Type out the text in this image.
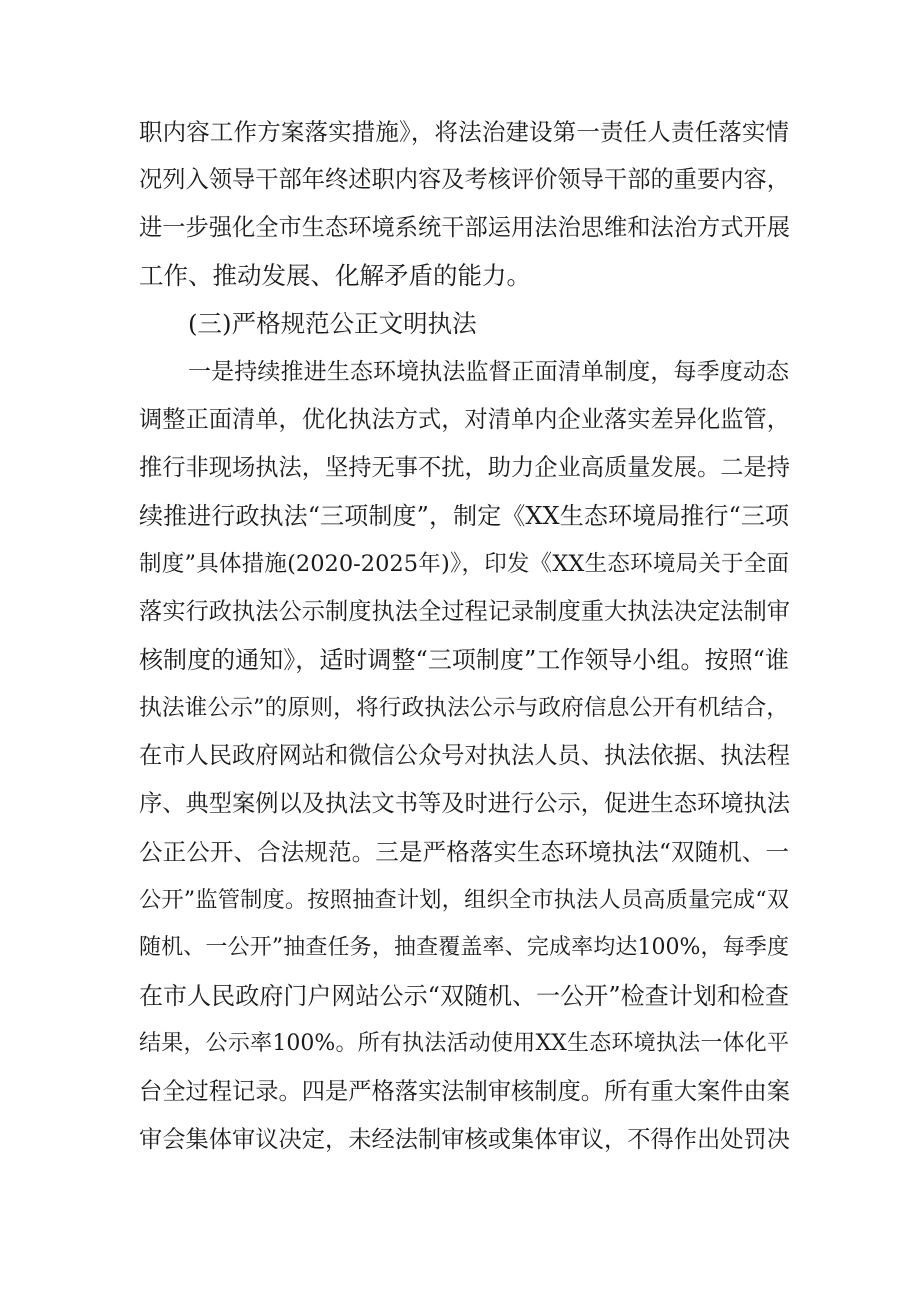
职内容工作方案落实措施》，将法治建设第一责任人责任落实情
况列入领导干部年终述职内容及考核评价领导干部的重要内容，
进一步强化全市生态环境系统干部运用法治思维和法治方式开展
工作、推动发展、化解矛盾的能力。
(三)严格规范公正文明执法
一是持续推进生态环境执法监督正面清单制度，每季度动态
调整正面清单，优化执法方式，对清单内企业落实差异化监管，
推行非现场执法，坚持无事不扰，助力企业高质量发展。二是持
续推进行政执法“三项制度”，制定《XX生态环境局推行“三项
制度”具体措施(2020-2025年)》，印发《XX生态环境局关于全面
落实行政执法公示制度执法全过程记录制度重大执法决定法制审
核制度的通知》，适时调整“三项制度”工作领导小组。按照“谁
执法谁公示”的原则，将行政执法公示与政府信息公开有机结合，
在市人民政府网站和微信公众号对执法人员、执法依据、执法程
序、典型案例以及执法文书等及时进行公示，促进生态环境执法
公正公开、合法规范。三是严格落实生态环境执法“双随机、一
公开”监管制度。按照抽查计划，组织全市执法人员高质量完成“双
随机、一公开”抽查任务，抽查覆盖率、完成率均达100%，每季度
在市人民政府门户网站公示“双随机、一公开”检查计划和检查
结果，公示率100%。所有执法活动使用XX生态环境执法一体化平
台全过程记录。四是严格落实法制审核制度。所有重大案件由案
审会集体审议决定，未经法制审核或集体审议，不得作出处罚决
